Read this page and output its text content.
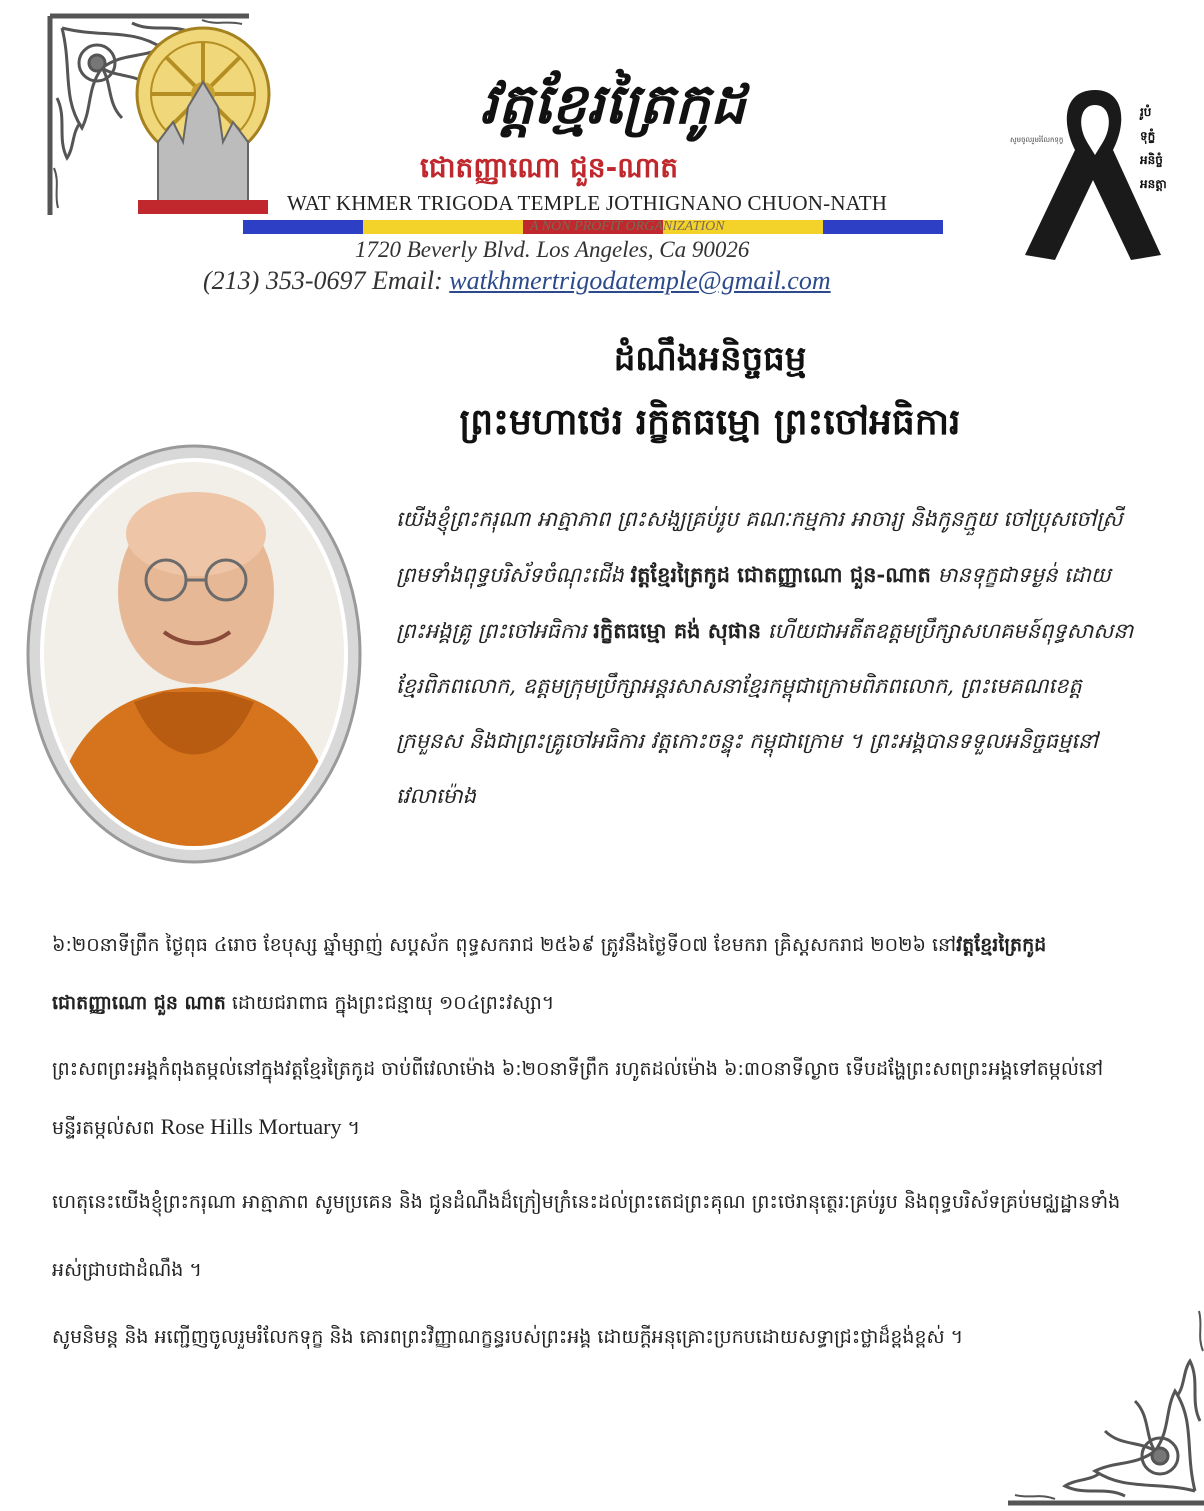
វត្តខ្មែរត្រៃកូដ
ជោតញ្ញាណោ ជួន-ណាត
WAT KHMER TRIGODA TEMPLE JOTHIGNANO CHUON-NATH
A NON PROFIT ORGANIZATION
1720 Beverly Blvd. Los Angeles, Ca 90026
(213) 353-0697 Email: watkhmertrigodatemple@gmail.com
សូមចូលរួមរំលែកទុក្ខ
រូបំ
ទុក្ខំ
អនិច្ចំ
អនត្តា
ដំណឹងអនិច្ចធម្ម
ព្រះមហាថេរ រក្ខិតធម្មោ ព្រះចៅអធិការ
យើងខ្ញុំព្រះករុណា អាត្មាភាព ព្រះសង្ឃគ្រប់រូប គណៈកម្មការ អាចារ្យ និងកូនក្មួយ ចៅប្រុសចៅស្រី ព្រមទាំងពុទ្ធបរិស័ទចំណុះជើង វត្តខ្មែរត្រៃកូដ ជោតញ្ញាណោ ជួន-ណាត មានទុក្ខជាទម្ងន់ ដោយព្រះអង្គគ្រូ ព្រះចៅអធិការ រក្ខិតធម្មោ គង់ សុផាន ហើយជាអតីតឧត្តមប្រឹក្សាសហគមន៍ពុទ្ធសាសនាខ្មែរពិភពលោក, ឧត្តមក្រុមប្រឹក្សាអន្តរសាសនាខ្មែរកម្ពុជាក្រោមពិភពលោក, ព្រះមេគណខេត្តក្រមួនស និងជាព្រះគ្រូចៅអធិការ វត្តកោះចន្ទុះ កម្ពុជាក្រោម ។ ព្រះអង្គបានទទួលអនិច្ចធម្មនៅវេលាម៉ោង
៦:២០នាទីព្រឹក ថ្ងៃពុធ ៤រោច ខែបុស្ស ឆ្នាំម្សាញ់ សប្តស័ក ពុទ្ធសករាជ ២៥៦៩ ត្រូវនឹងថ្ងៃទី០៧ ខែមករា គ្រិស្តសករាជ ២០២៦ នៅវត្តខ្មែរត្រៃកូដ ជោតញ្ញាណោ ជួន ណាត ដោយជរាពាធ ក្នុងព្រះជន្មាយុ ១០៤ព្រះវស្សា។
ព្រះសពព្រះអង្គកំពុងតម្កល់នៅក្នុងវត្តខ្មែរត្រៃកូដ ចាប់ពីវេលាម៉ោង ៦:២០នាទីព្រឹក រហូតដល់ម៉ោង ៦:៣០នាទីល្ងាច ទើបដង្ហែព្រះសពព្រះអង្គទៅតម្កល់នៅមន្ទីរតម្កល់សព Rose Hills Mortuary ។
ហេតុនេះយើងខ្ញុំព្រះករុណា អាត្មាភាព សូមប្រគេន និង ជូនដំណឹងដ៏ក្រៀមក្រំនេះដល់ព្រះតេជព្រះគុណ ព្រះថេរានុត្ថេរៈគ្រប់រូប និងពុទ្ធបរិស័ទគ្រប់មជ្ឈដ្ឋានទាំងអស់ជ្រាបជាដំណឹង ។
សូមនិមន្ត និង អញ្ជើញចូលរួមរំលែកទុក្ខ និង គោរពព្រះវិញ្ញាណក្ខន្ធរបស់ព្រះអង្គ ដោយក្តីអនុគ្រោះប្រកបដោយសទ្ធាជ្រះថ្លាដ៏ខ្ពង់ខ្ពស់ ។
